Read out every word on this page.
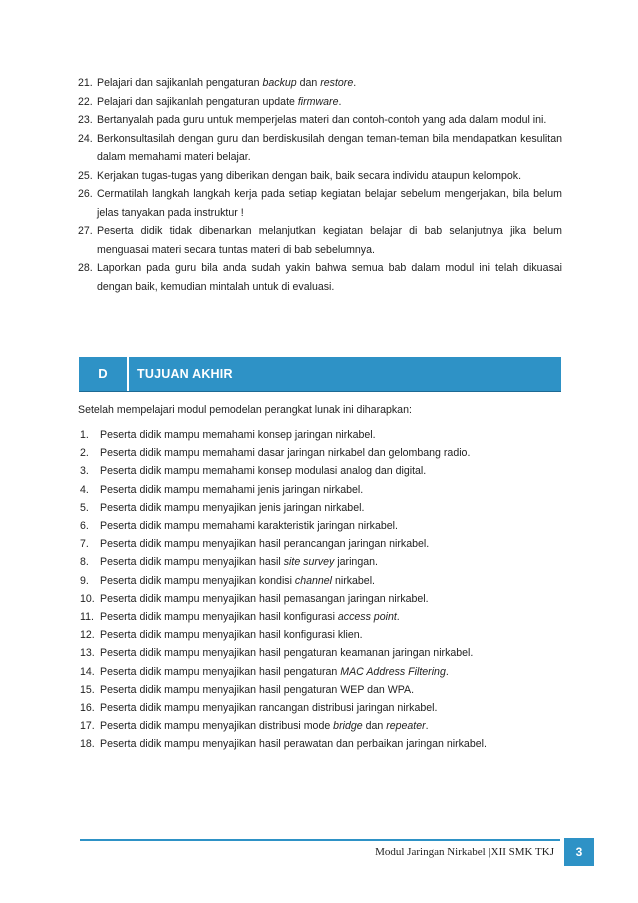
21. Pelajari dan sajikanlah pengaturan backup dan restore.
22. Pelajari dan sajikanlah pengaturan update firmware.
23. Bertanyalah pada guru untuk memperjelas materi dan contoh-contoh yang ada dalam modul ini.
24. Berkonsultasilah dengan guru dan berdiskusilah dengan teman-teman bila mendapatkan kesulitan dalam memahami materi belajar.
25. Kerjakan tugas-tugas yang diberikan dengan baik, baik secara individu ataupun kelompok.
26. Cermatilah langkah langkah kerja pada setiap kegiatan belajar sebelum mengerjakan, bila belum jelas tanyakan pada instruktur !
27. Peserta didik tidak dibenarkan melanjutkan kegiatan belajar di bab selanjutnya jika belum menguasai materi secara tuntas materi di bab sebelumnya.
28. Laporkan pada guru bila anda sudah yakin bahwa semua bab dalam modul ini telah dikuasai dengan baik, kemudian mintalah untuk di evaluasi.
D	TUJUAN AKHIR

Setelah mempelajari modul pemodelan perangkat lunak ini diharapkan:

1. Peserta didik mampu memahami konsep jaringan nirkabel.
2. Peserta didik mampu memahami dasar jaringan nirkabel dan gelombang radio.
3. Peserta didik mampu memahami konsep modulasi analog dan digital.
4. Peserta didik mampu memahami jenis jaringan nirkabel.
5. Peserta didik mampu menyajikan jenis jaringan nirkabel.
6. Peserta didik mampu memahami karakteristik jaringan nirkabel.
7. Peserta didik mampu menyajikan hasil perancangan jaringan nirkabel.
8. Peserta didik mampu menyajikan hasil site survey jaringan.
9. Peserta didik mampu menyajikan kondisi channel nirkabel.
10. Peserta didik mampu menyajikan hasil pemasangan jaringan nirkabel.
11. Peserta didik mampu menyajikan hasil konfigurasi access point.
12. Peserta didik mampu menyajikan hasil konfigurasi klien.
13. Peserta didik mampu menyajikan hasil pengaturan keamanan jaringan nirkabel.
14. Peserta didik mampu menyajikan hasil pengaturan MAC Address Filtering.
15. Peserta didik mampu menyajikan hasil pengaturan WEP dan WPA.
16. Peserta didik mampu menyajikan rancangan distribusi jaringan nirkabel.
17. Peserta didik mampu menyajikan distribusi mode bridge dan repeater.
18. Peserta didik mampu menyajikan hasil perawatan dan perbaikan jaringan nirkabel.
Modul Jaringan Nirkabel |XII SMK TKJ	3
